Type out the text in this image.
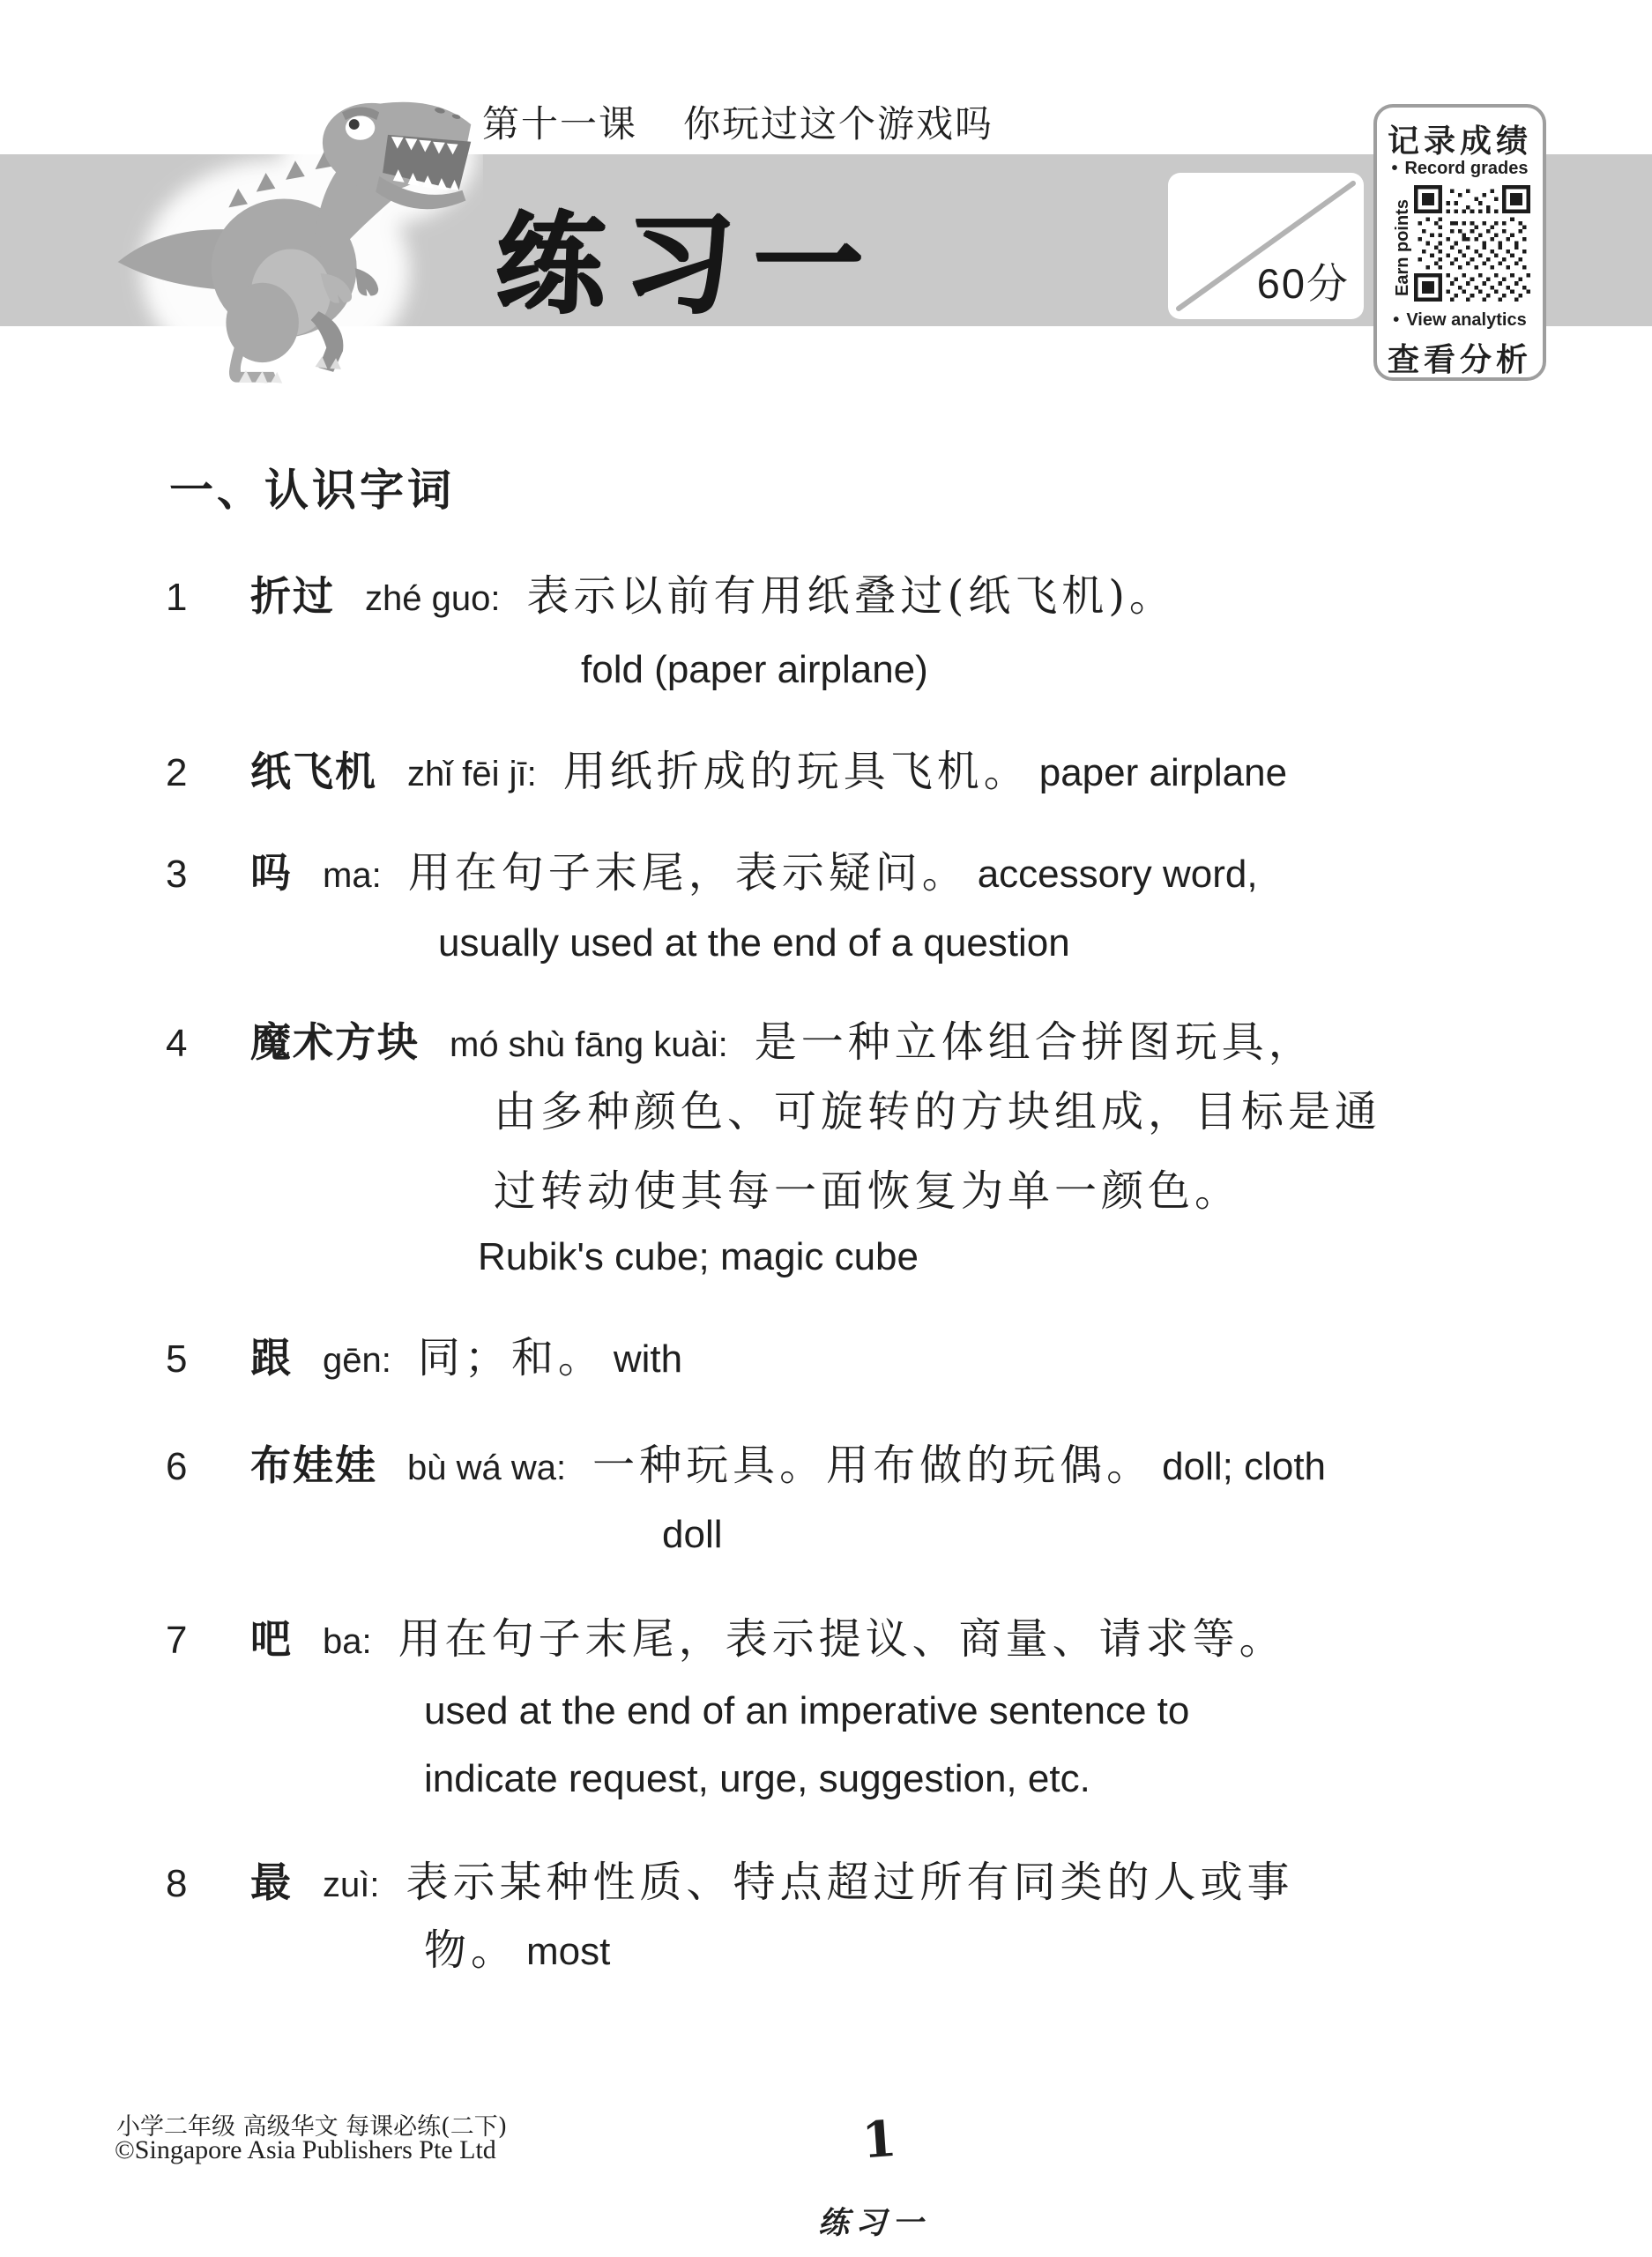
第十一课 你玩过这个游戏吗
练习一	60分
记录成绩
• Record grades
Earn points
• View analytics
查看分析
一、认识字词
1 折过 zhé guo: 表示以前有用纸叠过(纸飞机)。
fold (paper airplane)
2 纸飞机 zhǐ fēi jī: 用纸折成的玩具飞机。 paper airplane
3 吗 ma: 用在句子末尾，表示疑问。 accessory word,
usually used at the end of a question
4 魔术方块 mó shù fāng kuài: 是一种立体组合拼图玩具，
由多种颜色、可旋转的方块组成，目标是通
过转动使其每一面恢复为单一颜色。
Rubik's cube; magic cube
5 跟 gēn: 同；和。 with
6 布娃娃 bù wá wa: 一种玩具。用布做的玩偶。 doll; cloth
doll
7 吧 ba: 用在句子末尾，表示提议、商量、请求等。
used at the end of an imperative sentence to
indicate request, urge, suggestion, etc.
8 最 zuì: 表示某种性质、特点超过所有同类的人或事
物。 most
小学二年级 高级华文 每课必练(二下)
©Singapore Asia Publishers Pte Ltd	1
练习一
